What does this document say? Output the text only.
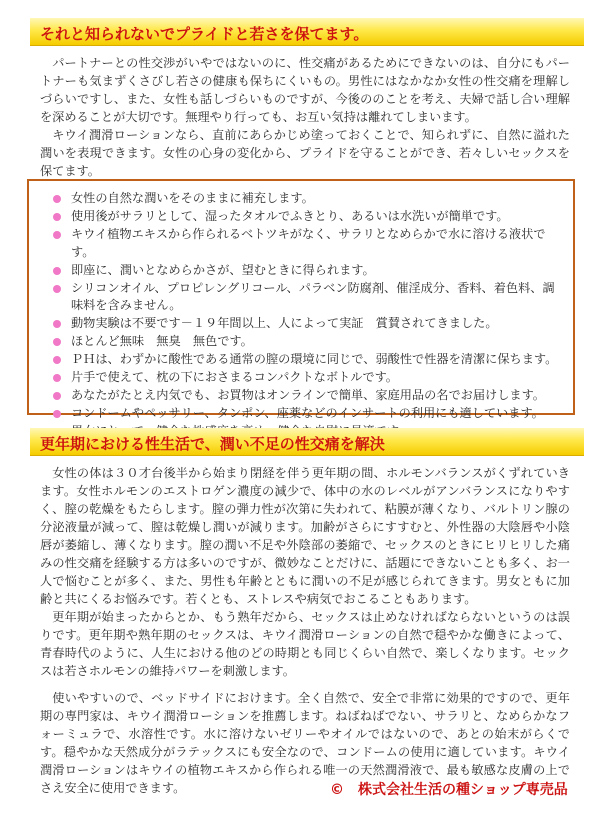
それと知られないでプライドと若さを保てます。

パートナーとの性交渉がいやではないのに、性交痛があるためにできないのは、自分にもパートナーも気まずくさびし若さの健康も保ちにくいもの。男性にはなかなか女性の性交痛を理解しづらいですし、また、女性も話しづらいものですが、今後ののことを考え、夫婦で話し合い理解を深めることが大切です。無理やり行っても、お互い気持は離れてしまいます。

キウイ潤滑ローションなら、直前にあらかじめ塗っておくことで、知られずに、自然に溢れた潤いを表現できます。女性の心身の変化から、プライドを守ることができ、若々しいセックスを保てます。

女性の自然な潤いをそのままに補充します。
使用後がサラリとして、湿ったタオルでふきとり、あるいは水洗いが簡単です。
キウイ植物エキスから作られるベトツキがなく、サラリとなめらかで水に溶ける液状です。
即座に、潤いとなめらかさが、望むときに得られます。
シリコンオイル、プロピレングリコール、パラベン防腐剤、催淫成分、香料、着色料、調味料を含みません。
動物実験は不要です－１９年間以上、人によって実証　賞賛されてきました。
ほとんど無味　無臭　無色です。
ＰＨは、わずかに酸性である通常の膣の環境に同じで、弱酸性で性器を清潔に保ちます。
片手で使えて、枕の下におさまるコンパクトなボトルです。
あなたがたとえ内気でも、お買物はオンラインで簡単、家庭用品の名でお届けします。
コンドームやペッサリー、タンポン、座薬などのインサートの利用にも適しています。
更年期における性生活で、潤い不足の性交痛を解決

女性の体は３０才台後半から始まり閉経を伴う更年期の間、ホルモンバランスがくずれていきます。女性ホルモンのエストロゲン濃度の減少で、体中の水のレベルがアンバランスになりやすく、膣の乾燥をもたらします。膣の弾力性が次第に失われて、粘膜が薄くなり、バルトリン腺の分泌液量が減って、膣は乾燥し潤いが減ります。加齢がさらにすすむと、外性器の大陰唇や小陰唇が萎縮し、薄くなります。膣の潤い不足や外陰部の萎縮で、セックスのときにヒリヒリした痛みの性交痛を経験する方は多いのですが、微妙なことだけに、話題にできないことも多く、お一人で悩むことが多く、また、男性も年齢とともに潤いの不足が感じられてきます。男女ともに加齢と共にくるお悩みです。若くとも、ストレスや病気でおこることもあります。

更年期が始まったからとか、もう熟年だから、セックスは止めなければならないというのは誤りです。更年期や熟年期のセックスは、キウイ潤滑ローションの自然で穏やかな働きによって、青春時代のように、人生における他のどの時期とも同じくらい自然で、楽しくなります。セックスは若さホルモンの維持パワーを刺激します。

使いやすいので、ベッドサイドにおけます。全く自然で、安全で非常に効果的ですので、更年期の専門家は、キウイ潤滑ローションを推薦します。ねばねばでない、サラリと、なめらかなフォーミュラで、水溶性です。水に溶けないゼリーやオイルではないので、あとの始末がらくです。穏やかな天然成分がラテックスにも安全なので、コンドームの使用に適しています。キウイ潤滑ローションはキウイの植物エキスから作られる唯一の天然潤滑液で、最も敏感な皮膚の上でさえ安全に使用できます。	©　株式会社生活の種ショップ専売品
